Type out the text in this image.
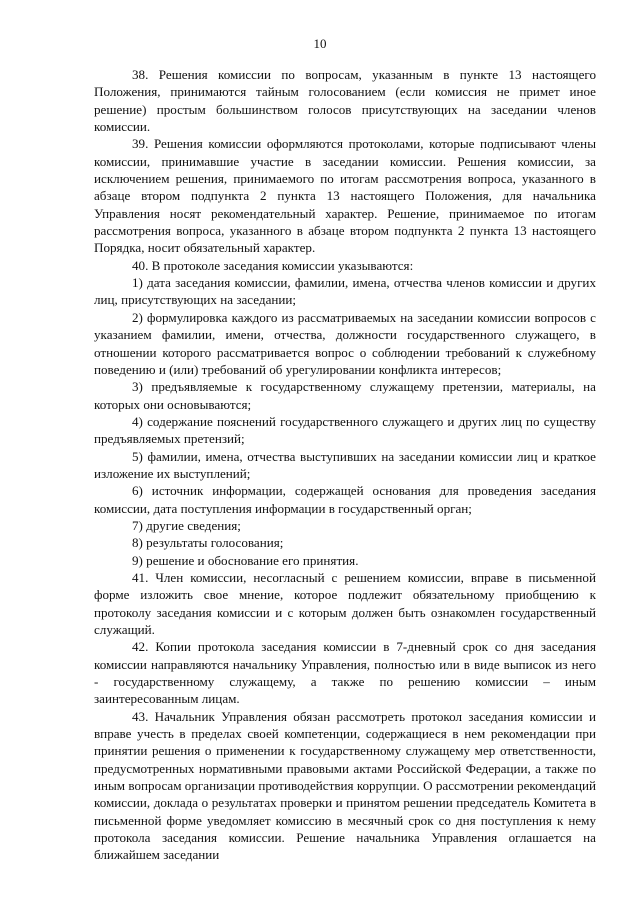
10

38. Решения комиссии по вопросам, указанным в пункте 13 настоящего Положения, принимаются тайным голосованием (если комиссия не примет иное решение) простым большинством голосов присутствующих на заседании членов комиссии.

39. Решения комиссии оформляются протоколами, которые подписывают члены комиссии, принимавшие участие в заседании комиссии. Решения комиссии, за исключением решения, принимаемого по итогам рассмотрения вопроса, указанного в абзаце втором подпункта 2 пункта 13 настоящего Положения, для начальника Управления носят рекомендательный характер. Решение, принимаемое по итогам рассмотрения вопроса, указанного в абзаце втором подпункта 2 пункта 13 настоящего Порядка, носит обязательный характер.

40. В протоколе заседания комиссии указываются:

1) дата заседания комиссии, фамилии, имена, отчества членов комиссии и других лиц, присутствующих на заседании;

2) формулировка каждого из рассматриваемых на заседании комиссии вопросов с указанием фамилии, имени, отчества, должности государственного служащего, в отношении которого рассматривается вопрос о соблюдении требований к служебному поведению и (или) требований об урегулировании конфликта интересов;

3) предъявляемые к государственному служащему претензии, материалы, на которых они основываются;

4) содержание пояснений государственного служащего и других лиц по существу предъявляемых претензий;

5) фамилии, имена, отчества выступивших на заседании комиссии лиц и краткое изложение их выступлений;

6) источник информации, содержащей основания для проведения заседания комиссии, дата поступления информации в государственный орган;

7) другие сведения;

8) результаты голосования;

9) решение и обоснование его принятия.

41. Член комиссии, несогласный с решением комиссии, вправе в письменной форме изложить свое мнение, которое подлежит обязательному приобщению к протоколу заседания комиссии и с которым должен быть ознакомлен государственный служащий.

42. Копии протокола заседания комиссии в 7-дневный срок со дня заседания комиссии направляются начальнику Управления, полностью или в виде выписок из него - государственному служащему, а также по решению комиссии – иным заинтересованным лицам.

43. Начальник Управления обязан рассмотреть протокол заседания комиссии и вправе учесть в пределах своей компетенции, содержащиеся в нем рекомендации при принятии решения о применении к государственному служащему мер ответственности, предусмотренных нормативными правовыми актами Российской Федерации, а также по иным вопросам организации противодействия коррупции. О рассмотрении рекомендаций комиссии, доклада о результатах проверки и принятом решении председатель Комитета в письменной форме уведомляет комиссию в месячный срок со дня поступления к нему протокола заседания комиссии. Решение начальника Управления оглашается на ближайшем заседании
